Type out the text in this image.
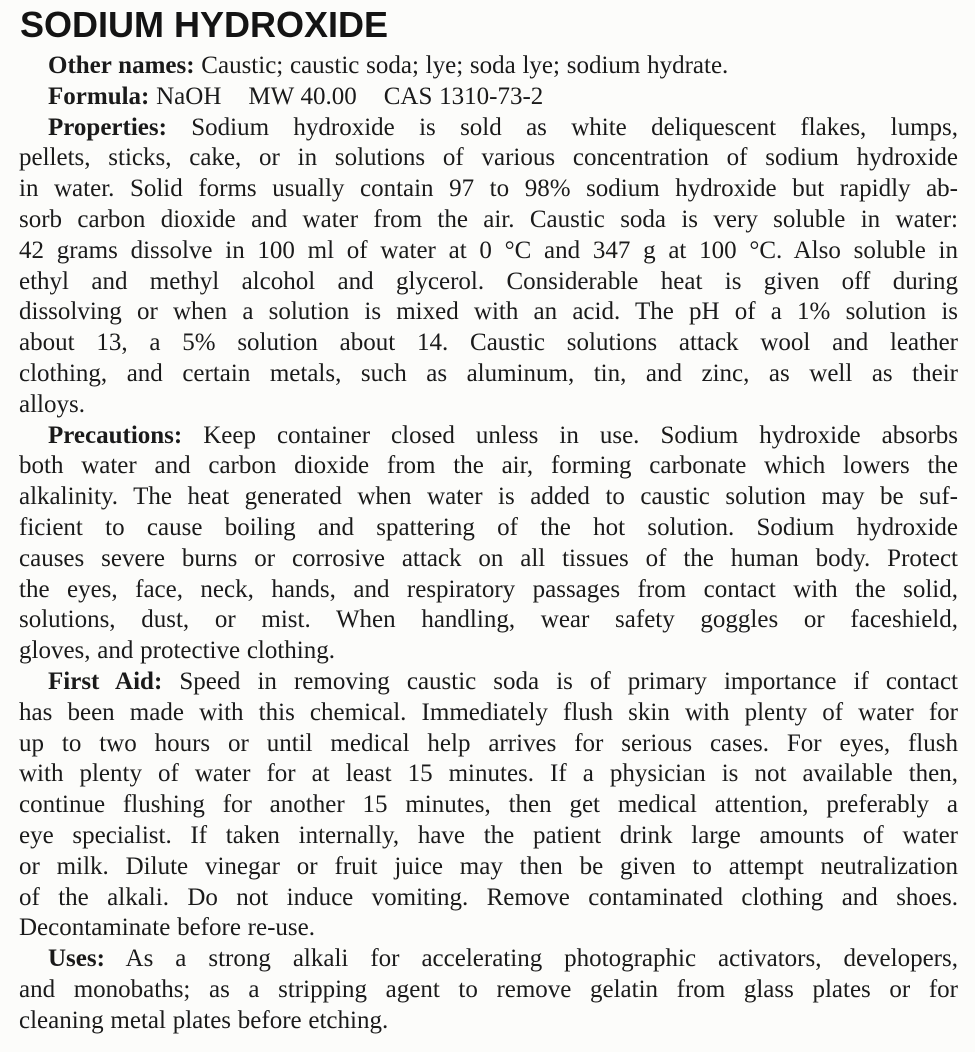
SODIUM HYDROXIDE
Other names: Caustic; caustic soda; lye; soda lye; sodium hydrate.
Formula: NaOH    MW 40.00    CAS 1310-73-2
Properties: Sodium hydroxide is sold as white deliquescent flakes, lumps,
pellets, sticks, cake, or in solutions of various concentration of sodium hydroxide
in water. Solid forms usually contain 97 to 98% sodium hydroxide but rapidly ab-
sorb carbon dioxide and water from the air. Caustic soda is very soluble in water:
42 grams dissolve in 100 ml of water at 0 °C and 347 g at 100 °C. Also soluble in
ethyl and methyl alcohol and glycerol. Considerable heat is given off during
dissolving or when a solution is mixed with an acid. The pH of a 1% solution is
about 13, a 5% solution about 14. Caustic solutions attack wool and leather
clothing, and certain metals, such as aluminum, tin, and zinc, as well as their
alloys.
Precautions: Keep container closed unless in use. Sodium hydroxide absorbs
both water and carbon dioxide from the air, forming carbonate which lowers the
alkalinity. The heat generated when water is added to caustic solution may be suf-
ficient to cause boiling and spattering of the hot solution. Sodium hydroxide
causes severe burns or corrosive attack on all tissues of the human body. Protect
the eyes, face, neck, hands, and respiratory passages from contact with the solid,
solutions, dust, or mist. When handling, wear safety goggles or faceshield,
gloves, and protective clothing.
First Aid: Speed in removing caustic soda is of primary importance if contact
has been made with this chemical. Immediately flush skin with plenty of water for
up to two hours or until medical help arrives for serious cases. For eyes, flush
with plenty of water for at least 15 minutes. If a physician is not available then,
continue flushing for another 15 minutes, then get medical attention, preferably a
eye specialist. If taken internally, have the patient drink large amounts of water
or milk. Dilute vinegar or fruit juice may then be given to attempt neutralization
of the alkali. Do not induce vomiting. Remove contaminated clothing and shoes.
Decontaminate before re-use.
Uses: As a strong alkali for accelerating photographic activators, developers,
and monobaths; as a stripping agent to remove gelatin from glass plates or for
cleaning metal plates before etching.
